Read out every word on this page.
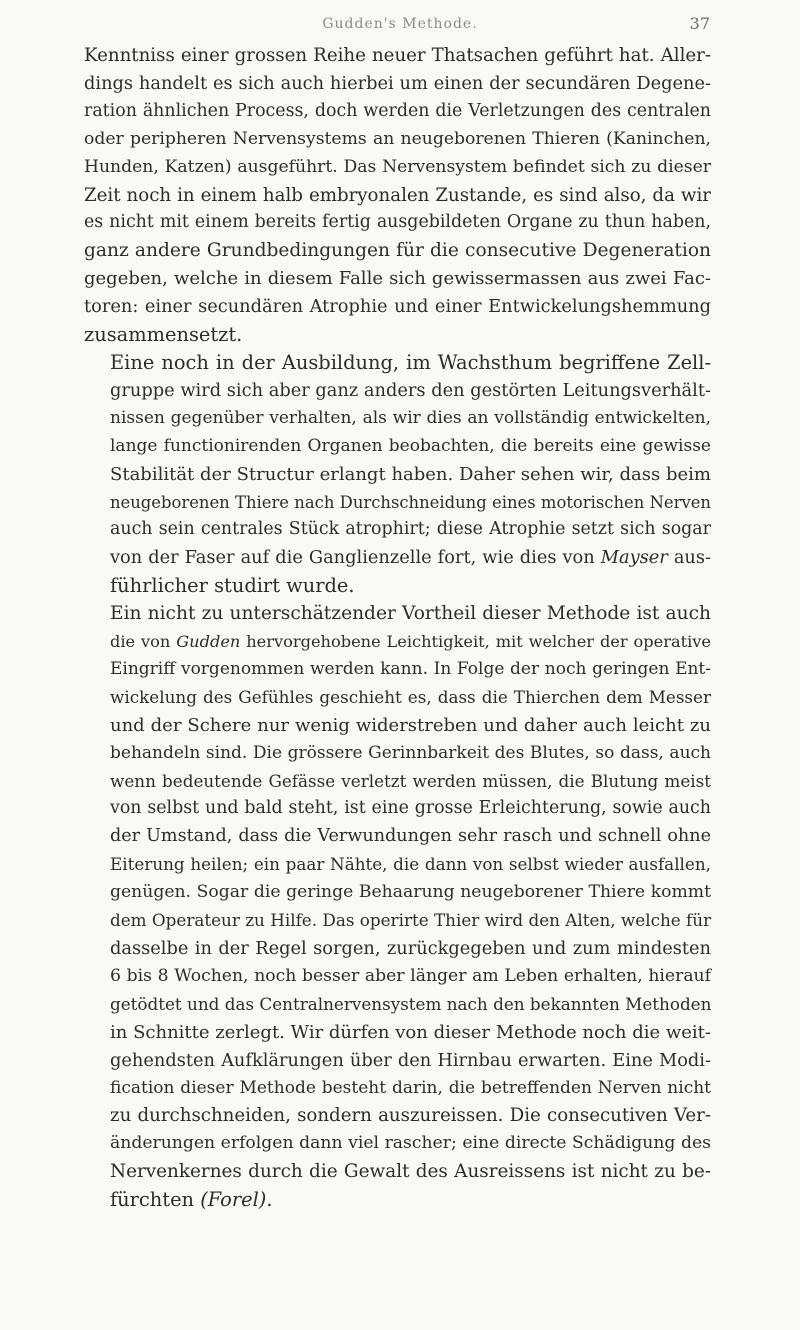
Gudden's Methode.	37

Kenntniss einer grossen Reihe neuer Thatsachen geführt hat. Aller-
dings handelt es sich auch hierbei um einen der secundären Degene-
ration ähnlichen Process, doch werden die Verletzungen des centralen
oder peripheren Nervensystems an neugeborenen Thieren (Kaninchen,
Hunden, Katzen) ausgeführt. Das Nervensystem befindet sich zu dieser
Zeit noch in einem halb embryonalen Zustande, es sind also, da wir
es nicht mit einem bereits fertig ausgebildeten Organe zu thun haben,
ganz andere Grundbedingungen für die consecutive Degeneration
gegeben, welche in diesem Falle sich gewissermassen aus zwei Fac-
toren: einer secundären Atrophie und einer Entwickelungshemmung
zusammensetzt.

Eine noch in der Ausbildung, im Wachsthum begriffene Zell-
gruppe wird sich aber ganz anders den gestörten Leitungsverhält-
nissen gegenüber verhalten, als wir dies an vollständig entwickelten,
lange functionirenden Organen beobachten, die bereits eine gewisse
Stabilität der Structur erlangt haben. Daher sehen wir, dass beim
neugeborenen Thiere nach Durchschneidung eines motorischen Nerven
auch sein centrales Stück atrophirt; diese Atrophie setzt sich sogar
von der Faser auf die Ganglienzelle fort, wie dies von Mayser aus-
führlicher studirt wurde.

Ein nicht zu unterschätzender Vortheil dieser Methode ist auch
die von Gudden hervorgehobene Leichtigkeit, mit welcher der operative
Eingriff vorgenommen werden kann. In Folge der noch geringen Ent-
wickelung des Gefühles geschieht es, dass die Thierchen dem Messer
und der Schere nur wenig widerstreben und daher auch leicht zu
behandeln sind. Die grössere Gerinnbarkeit des Blutes, so dass, auch
wenn bedeutende Gefässe verletzt werden müssen, die Blutung meist
von selbst und bald steht, ist eine grosse Erleichterung, sowie auch
der Umstand, dass die Verwundungen sehr rasch und schnell ohne
Eiterung heilen; ein paar Nähte, die dann von selbst wieder ausfallen,
genügen. Sogar die geringe Behaarung neugeborener Thiere kommt
dem Operateur zu Hilfe. Das operirte Thier wird den Alten, welche für
dasselbe in der Regel sorgen, zurückgegeben und zum mindesten
6 bis 8 Wochen, noch besser aber länger am Leben erhalten, hierauf
getödtet und das Centralnervensystem nach den bekannten Methoden
in Schnitte zerlegt. Wir dürfen von dieser Methode noch die weit-
gehendsten Aufklärungen über den Hirnbau erwarten. Eine Modi-
fication dieser Methode besteht darin, die betreffenden Nerven nicht
zu durchschneiden, sondern auszureissen. Die consecutiven Ver-
änderungen erfolgen dann viel rascher; eine directe Schädigung des
Nervenkernes durch die Gewalt des Ausreissens ist nicht zu be-
fürchten (Forel).
